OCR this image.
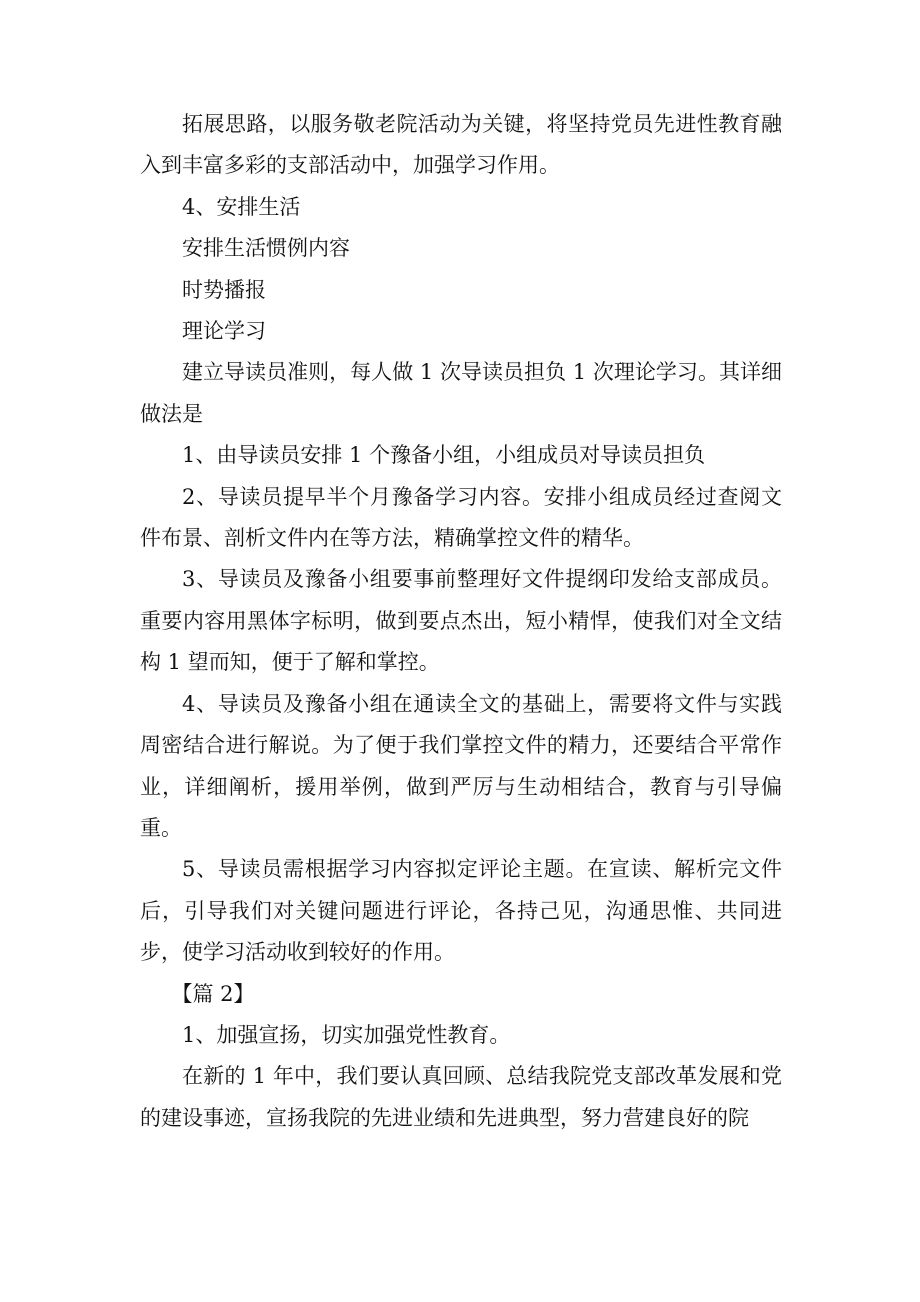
拓展思路，以服务敬老院活动为关键，将坚持党员先进性教育融入到丰富多彩的支部活动中，加强学习作用。

4、安排生活

安排生活惯例内容

时势播报

理论学习

建立导读员准则，每人做 1 次导读员担负 1 次理论学习。其详细做法是

1、由导读员安排 1 个豫备小组，小组成员对导读员担负

2、导读员提早半个月豫备学习内容。安排小组成员经过查阅文件布景、剖析文件内在等方法，精确掌控文件的精华。

3、导读员及豫备小组要事前整理好文件提纲印发给支部成员。重要内容用黑体字标明，做到要点杰出，短小精悍，使我们对全文结构 1 望而知，便于了解和掌控。

4、导读员及豫备小组在通读全文的基础上，需要将文件与实践周密结合进行解说。为了便于我们掌控文件的精力，还要结合平常作业，详细阐析，援用举例，做到严厉与生动相结合，教育与引导偏重。

5、导读员需根据学习内容拟定评论主题。在宣读、解析完文件后，引导我们对关键问题进行评论，各持己见，沟通思惟、共同进步，使学习活动收到较好的作用。

【篇 2】

1、加强宣扬，切实加强党性教育。

在新的 1 年中，我们要认真回顾、总结我院党支部改革发展和党的建设事迹，宣扬我院的先进业绩和先进典型，努力营建良好的院
